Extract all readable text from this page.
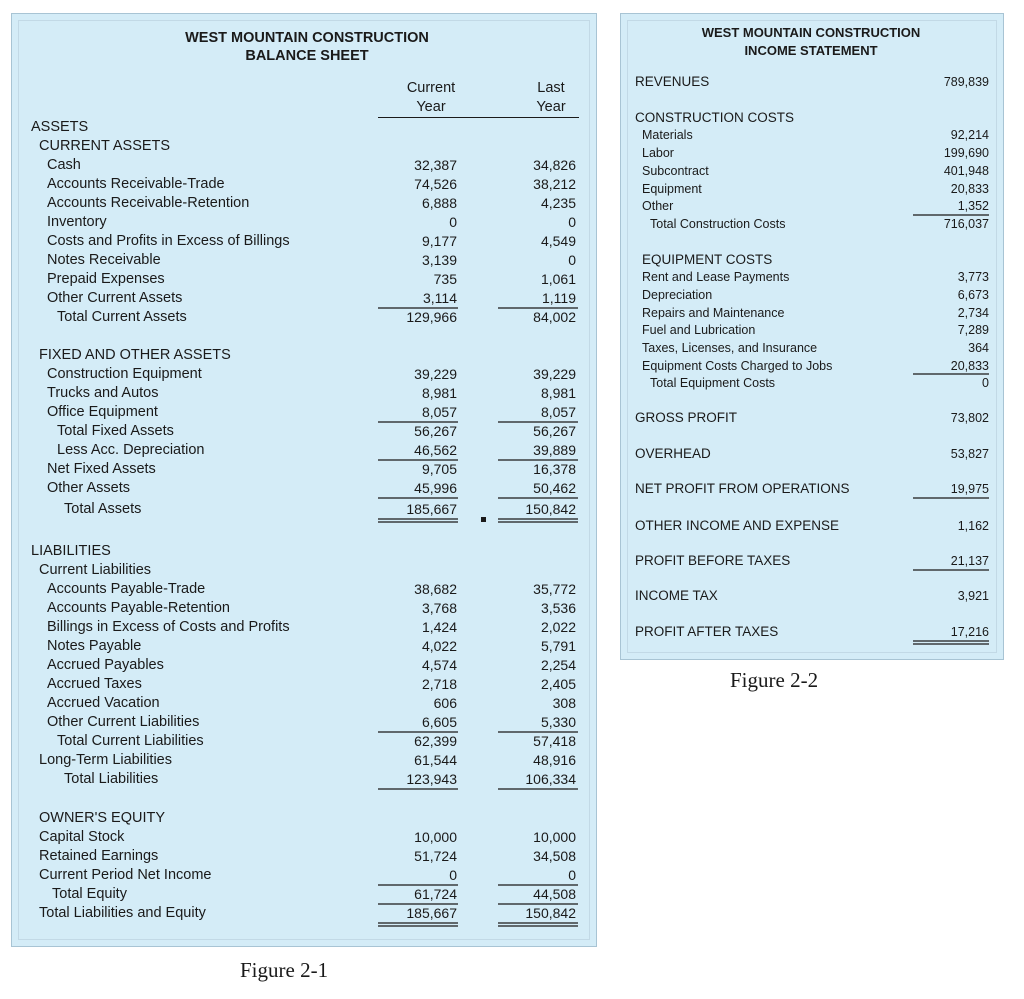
WEST MOUNTAIN CONSTRUCTION
BALANCE SHEET
Current
Year
Last
Year
ASSETS
CURRENT ASSETS
Cash	32,387	34,826
Accounts Receivable-Trade	74,526	38,212
Accounts Receivable-Retention	6,888	4,235
Inventory	0	0
Costs and Profits in Excess of Billings	9,177	4,549
Notes Receivable	3,139	0
Prepaid Expenses	735	1,061
Other Current Assets	3,114	1,119
Total Current Assets	129,966	84,002
FIXED AND OTHER ASSETS
Construction Equipment	39,229	39,229
Trucks and Autos	8,981	8,981
Office Equipment	8,057	8,057
Total Fixed Assets	56,267	56,267
Less Acc. Depreciation	46,562	39,889
Net Fixed Assets	9,705	16,378
Other Assets	45,996	50,462
Total Assets	185,667	150,842
LIABILITIES
Current Liabilities
Accounts Payable-Trade	38,682	35,772
Accounts Payable-Retention	3,768	3,536
Billings in Excess of Costs and Profits	1,424	2,022
Notes Payable	4,022	5,791
Accrued Payables	4,574	2,254
Accrued Taxes	2,718	2,405
Accrued Vacation	606	308
Other Current Liabilities	6,605	5,330
Total Current Liabilities	62,399	57,418
Long-Term Liabilities	61,544	48,916
Total Liabilities	123,943	106,334
OWNER'S EQUITY
Capital Stock	10,000	10,000
Retained Earnings	51,724	34,508
Current Period Net Income	0	0
Total Equity	61,724	44,508
Total Liabilities and Equity	185,667	150,842
Figure 2-1
WEST MOUNTAIN CONSTRUCTION
INCOME STATEMENT
REVENUES	789,839
CONSTRUCTION COSTS
Materials	92,214
Labor	199,690
Subcontract	401,948
Equipment	20,833
Other	1,352
Total Construction Costs	716,037
EQUIPMENT COSTS
Rent and Lease Payments	3,773
Depreciation	6,673
Repairs and Maintenance	2,734
Fuel and Lubrication	7,289
Taxes, Licenses, and Insurance	364
Equipment Costs Charged to Jobs	20,833
Total Equipment Costs	0
GROSS PROFIT	73,802
OVERHEAD	53,827
NET PROFIT FROM OPERATIONS	19,975
OTHER INCOME AND EXPENSE	1,162
PROFIT BEFORE TAXES	21,137
INCOME TAX	3,921
PROFIT AFTER TAXES	17,216
Figure 2-2
